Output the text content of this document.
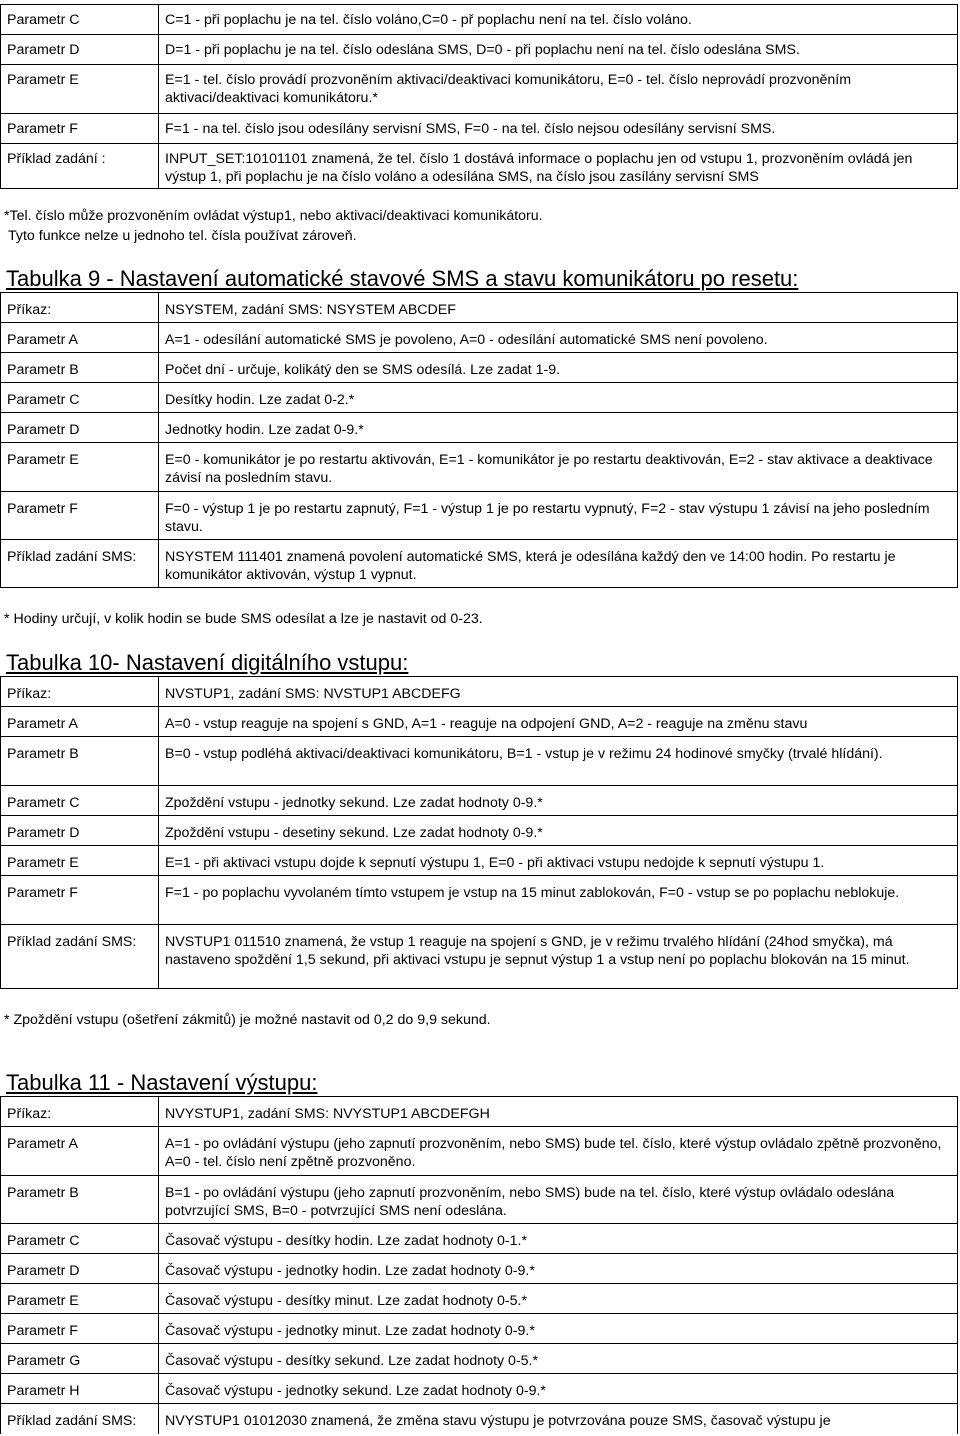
Parametr C	C=1 - při poplachu je na tel. číslo voláno,C=0 - př poplachu není na tel. číslo voláno.
Parametr D	D=1 - při poplachu je na tel. číslo odeslána SMS, D=0 - při poplachu není na tel. číslo odeslána SMS.
Parametr E	E=1 - tel. číslo provádí prozvoněním aktivaci/deaktivaci komunikátoru, E=0 - tel. číslo neprovádí prozvoněním aktivaci/deaktivaci komunikátoru.*
Parametr F	F=1 - na tel. číslo jsou odesílány servisní SMS, F=0 - na tel. číslo nejsou odesílány servisní SMS.
Příklad zadání :	INPUT_SET:10101101 znamená, že tel. číslo 1 dostává informace o poplachu jen od vstupu 1, prozvoněním ovládá jen výstup 1, při poplachu je na číslo voláno a odesílána SMS, na číslo jsou zasílány servisní SMS
*Tel. číslo může prozvoněním ovládat výstup1, nebo aktivaci/deaktivaci komunikátoru.
Tyto funkce nelze u jednoho tel. čísla používat zároveň.
Tabulka 9 - Nastavení automatické stavové SMS a stavu komunikátoru po resetu:
Příkaz:	NSYSTEM, zadání SMS: NSYSTEM ABCDEF
Parametr A	A=1 - odesílání automatické SMS je povoleno, A=0 - odesílání automatické SMS není povoleno.
Parametr B	Počet dní - určuje, kolikátý den se SMS odesílá. Lze zadat 1-9.
Parametr C	Desítky hodin. Lze zadat 0-2.*
Parametr D	Jednotky hodin. Lze zadat 0-9.*
Parametr E	E=0 - komunikátor je po restartu aktivován, E=1 - komunikátor je po restartu deaktivován, E=2 - stav aktivace a deaktivace závisí na posledním stavu.
Parametr F	F=0 - výstup 1 je po restartu zapnutý, F=1 - výstup 1 je po restartu vypnutý, F=2 - stav výstupu 1 závisí na jeho posledním stavu.
Příklad zadání SMS:	NSYSTEM 111401 znamená povolení automatické SMS, která je odesílána každý den ve 14:00 hodin. Po restartu je komunikátor aktivován, výstup 1 vypnut.
* Hodiny určují, v kolik hodin se bude SMS odesílat a lze je nastavit od 0-23.
Tabulka 10- Nastavení digitálního vstupu:
Příkaz:	NVSTUP1, zadání SMS: NVSTUP1 ABCDEFG
Parametr A	A=0 - vstup reaguje na spojení s GND, A=1 - reaguje na odpojení GND, A=2 - reaguje na změnu stavu
Parametr B	B=0 - vstup podléhá aktivaci/deaktivaci komunikátoru, B=1 - vstup je v režimu 24 hodinové smyčky (trvalé hlídání).
Parametr C	Zpoždění vstupu - jednotky sekund. Lze zadat hodnoty 0-9.*
Parametr D	Zpoždění vstupu - desetiny sekund. Lze zadat hodnoty 0-9.*
Parametr E	E=1 - při aktivaci vstupu dojde k sepnutí výstupu 1, E=0 - při aktivaci vstupu nedojde k sepnutí výstupu 1.
Parametr F	F=1 - po poplachu vyvolaném tímto vstupem je vstup na 15 minut zablokován, F=0 - vstup se po poplachu neblokuje.
Příklad zadání SMS:	NVSTUP1 011510 znamená, že vstup 1 reaguje na spojení s GND, je v režimu trvalého hlídání (24hod smyčka), má nastaveno spoždění 1,5 sekund, při aktivaci vstupu je sepnut výstup 1 a vstup není po poplachu blokován na 15 minut.
* Zpoždění vstupu (ošetření zákmitů) je možné nastavit od 0,2 do 9,9 sekund.
Tabulka 11 - Nastavení výstupu:
Příkaz:	NVYSTUP1, zadání SMS: NVYSTUP1 ABCDEFGH
Parametr A	A=1 - po ovládání výstupu (jeho zapnutí prozvoněním, nebo SMS) bude tel. číslo, které výstup ovládalo zpětně prozvoněno, A=0 - tel. číslo není zpětně prozvoněno.
Parametr B	B=1 - po ovládání výstupu (jeho zapnutí prozvoněním, nebo SMS) bude na tel. číslo, které výstup ovládalo odeslána potvrzující SMS, B=0 - potvrzující SMS není odeslána.
Parametr C	Časovač výstupu - desítky hodin. Lze zadat hodnoty 0-1.*
Parametr D	Časovač výstupu - jednotky hodin. Lze zadat hodnoty 0-9.*
Parametr E	Časovač výstupu - desítky minut. Lze zadat hodnoty 0-5.*
Parametr F	Časovač výstupu - jednotky minut. Lze zadat hodnoty 0-9.*
Parametr G	Časovač výstupu - desítky sekund. Lze zadat hodnoty 0-5.*
Parametr H	Časovač výstupu - jednotky sekund. Lze zadat hodnoty 0-9.*
Příklad zadání SMS:	NVYSTUP1 01012030 znamená, že změna stavu výstupu je potvrzována pouze SMS, časovač výstupu je
